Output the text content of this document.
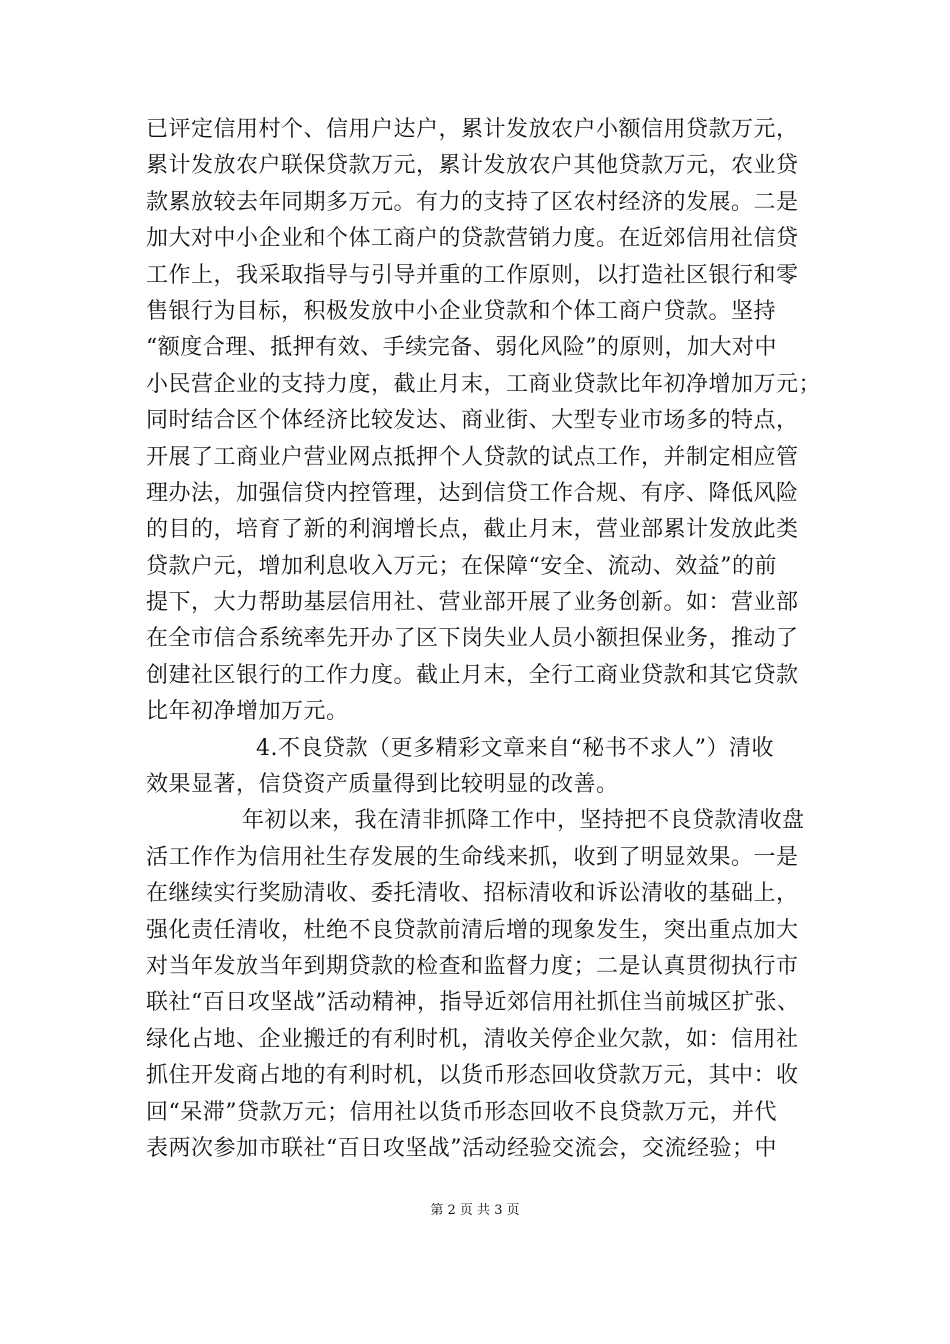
已评定信用村个、信用户达户，累计发放农户小额信用贷款万元，
累计发放农户联保贷款万元，累计发放农户其他贷款万元，农业贷
款累放较去年同期多万元。有力的支持了区农村经济的发展。二是
加大对中小企业和个体工商户的贷款营销力度。在近郊信用社信贷
工作上，我采取指导与引导并重的工作原则，以打造社区银行和零
售银行为目标，积极发放中小企业贷款和个体工商户贷款。坚持
“额度合理、抵押有效、手续完备、弱化风险”的原则，加大对中
小民营企业的支持力度，截止月末，工商业贷款比年初净增加万元；
同时结合区个体经济比较发达、商业街、大型专业市场多的特点，
开展了工商业户营业网点抵押个人贷款的试点工作，并制定相应管
理办法，加强信贷内控管理，达到信贷工作合规、有序、降低风险
的目的，培育了新的利润增长点，截止月末，营业部累计发放此类
贷款户元，增加利息收入万元；在保障“安全、流动、效益”的前
提下，大力帮助基层信用社、营业部开展了业务创新。如：营业部
在全市信合系统率先开办了区下岗失业人员小额担保业务，推动了
创建社区银行的工作力度。截止月末，全行工商业贷款和其它贷款
比年初净增加万元。
4.不良贷款（更多精彩文章来自“秘书不求人”）清收
效果显著，信贷资产质量得到比较明显的改善。
年初以来，我在清非抓降工作中，坚持把不良贷款清收盘
活工作作为信用社生存发展的生命线来抓，收到了明显效果。一是
在继续实行奖励清收、委托清收、招标清收和诉讼清收的基础上，
强化责任清收，杜绝不良贷款前清后增的现象发生，突出重点加大
对当年发放当年到期贷款的检查和监督力度；二是认真贯彻执行市
联社“百日攻坚战”活动精神，指导近郊信用社抓住当前城区扩张、
绿化占地、企业搬迁的有利时机，清收关停企业欠款，如：信用社
抓住开发商占地的有利时机，以货币形态回收贷款万元，其中：收
回“呆滞”贷款万元；信用社以货币形态回收不良贷款万元，并代
表两次参加市联社“百日攻坚战”活动经验交流会，交流经验；中
第 2 页 共 3 页
